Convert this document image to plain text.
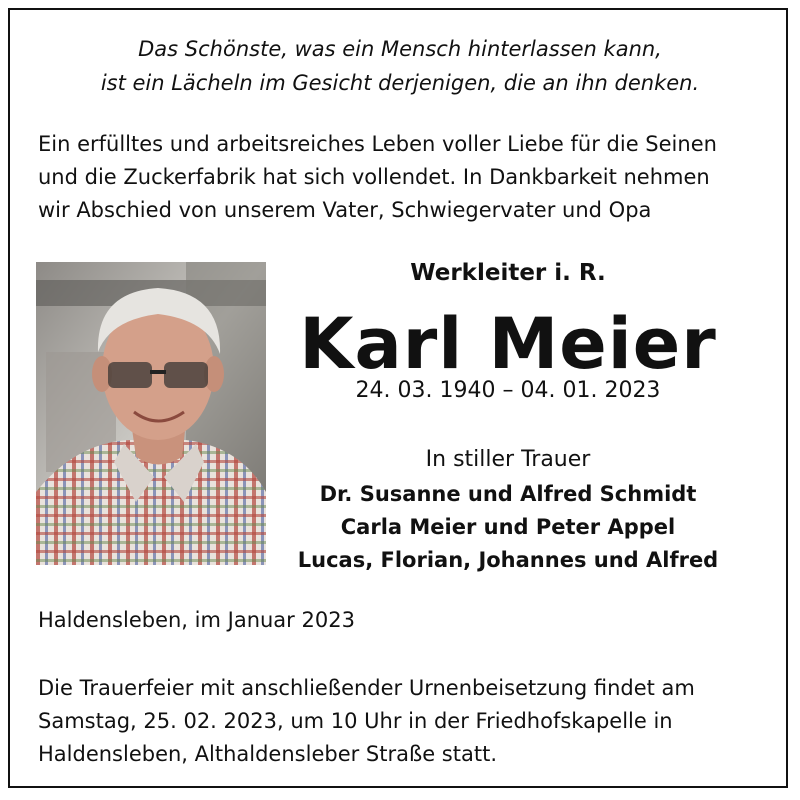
Das Schönste, was ein Mensch hinterlassen kann,
ist ein Lächeln im Gesicht derjenigen, die an ihn denken.
Ein erfülltes und arbeitsreiches Leben voller Liebe für die Seinen
und die Zuckerfabrik hat sich vollendet. In Dankbarkeit nehmen
wir Abschied von unserem Vater, Schwiegervater und Opa
Werkleiter i. R.
Karl Meier
24. 03. 1940 – 04. 01. 2023
In stiller Trauer
Dr. Susanne und Alfred Schmidt
Carla Meier und Peter Appel
Lucas, Florian, Johannes und Alfred
Haldensleben, im Januar 2023
Die Trauerfeier mit anschließender Urnenbeisetzung findet am
Samstag, 25. 02. 2023, um 10 Uhr in der Friedhofskapelle in
Haldensleben, Althaldensleber Straße statt.
